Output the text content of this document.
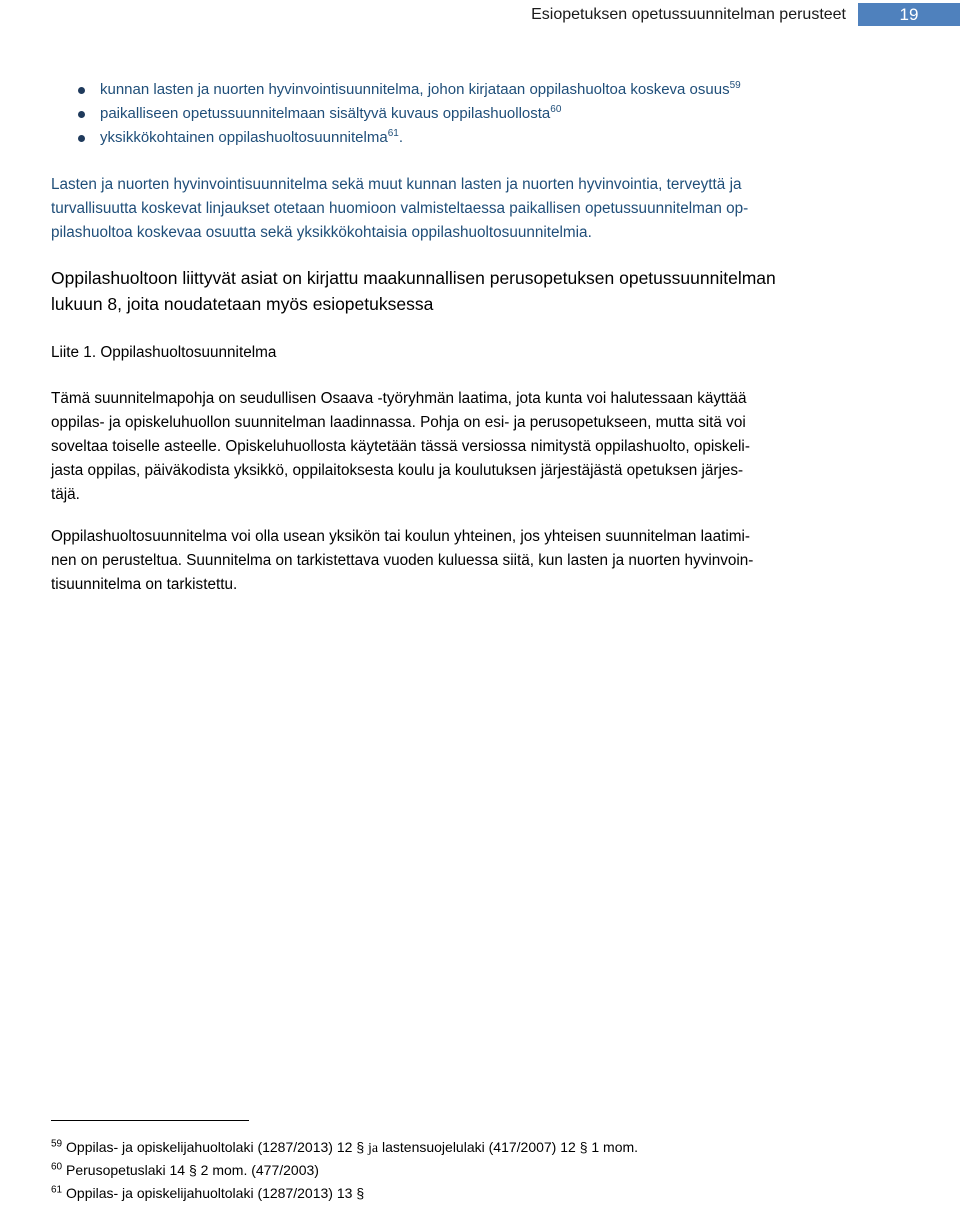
Esiopetuksen opetussuunnitelman perusteet	19
kunnan lasten ja nuorten hyvinvointisuunnitelma, johon kirjataan oppilashuoltoa koskeva osuus$^{59}$
paikalliseen opetussuunnitelmaan sisältyvä kuvaus oppilashuollosta$^{60}$
yksikkökohtainen oppilashuoltosuunnitelma$^{61}$.
Lasten ja nuorten hyvinvointisuunnitelma sekä muut kunnan lasten ja nuorten hyvinvointia, terveyttä ja
turvallisuutta koskevat linjaukset otetaan huomioon valmisteltaessa paikallisen opetussuunnitelman op-
pilashuoltoa koskevaa osuutta sekä yksikkökohtaisia oppilashuoltosuunnitelmia.
Oppilashuoltoon liittyvät asiat on kirjattu maakunnallisen perusopetuksen opetussuunnitelman
lukuun 8, joita noudatetaan myös esiopetuksessa
Liite 1. Oppilashuoltosuunnitelma
Tämä suunnitelmapohja on seudullisen Osaava -työryhmän laatima, jota kunta voi halutessaan käyttää
oppilas- ja opiskeluhuollon suunnitelman laadinnassa. Pohja on esi- ja perusopetukseen, mutta sitä voi
soveltaa toiselle asteelle. Opiskeluhuollosta käytetään tässä versiossa nimitystä oppilashuolto, opiskeli-
jasta oppilas, päiväkodista yksikkö, oppilaitoksesta koulu ja koulutuksen järjestäjästä opetuksen järjes-
täjä.
Oppilashuoltosuunnitelma voi olla usean yksikön tai koulun yhteinen, jos yhteisen suunnitelman laatimi-
nen on perusteltua. Suunnitelma on tarkistettava vuoden kuluessa siitä, kun lasten ja nuorten hyvinvoin-
tisuunnitelma on tarkistettu.
$^{59}$ Oppilas- ja opiskelijahuoltolaki (1287/2013) 12 § ja lastensuojelulaki (417/2007) 12 § 1 mom.
$^{60}$ Perusopetuslaki 14 § 2 mom. (477/2003)
$^{61}$ Oppilas- ja opiskelijahuoltolaki (1287/2013) 13 §
